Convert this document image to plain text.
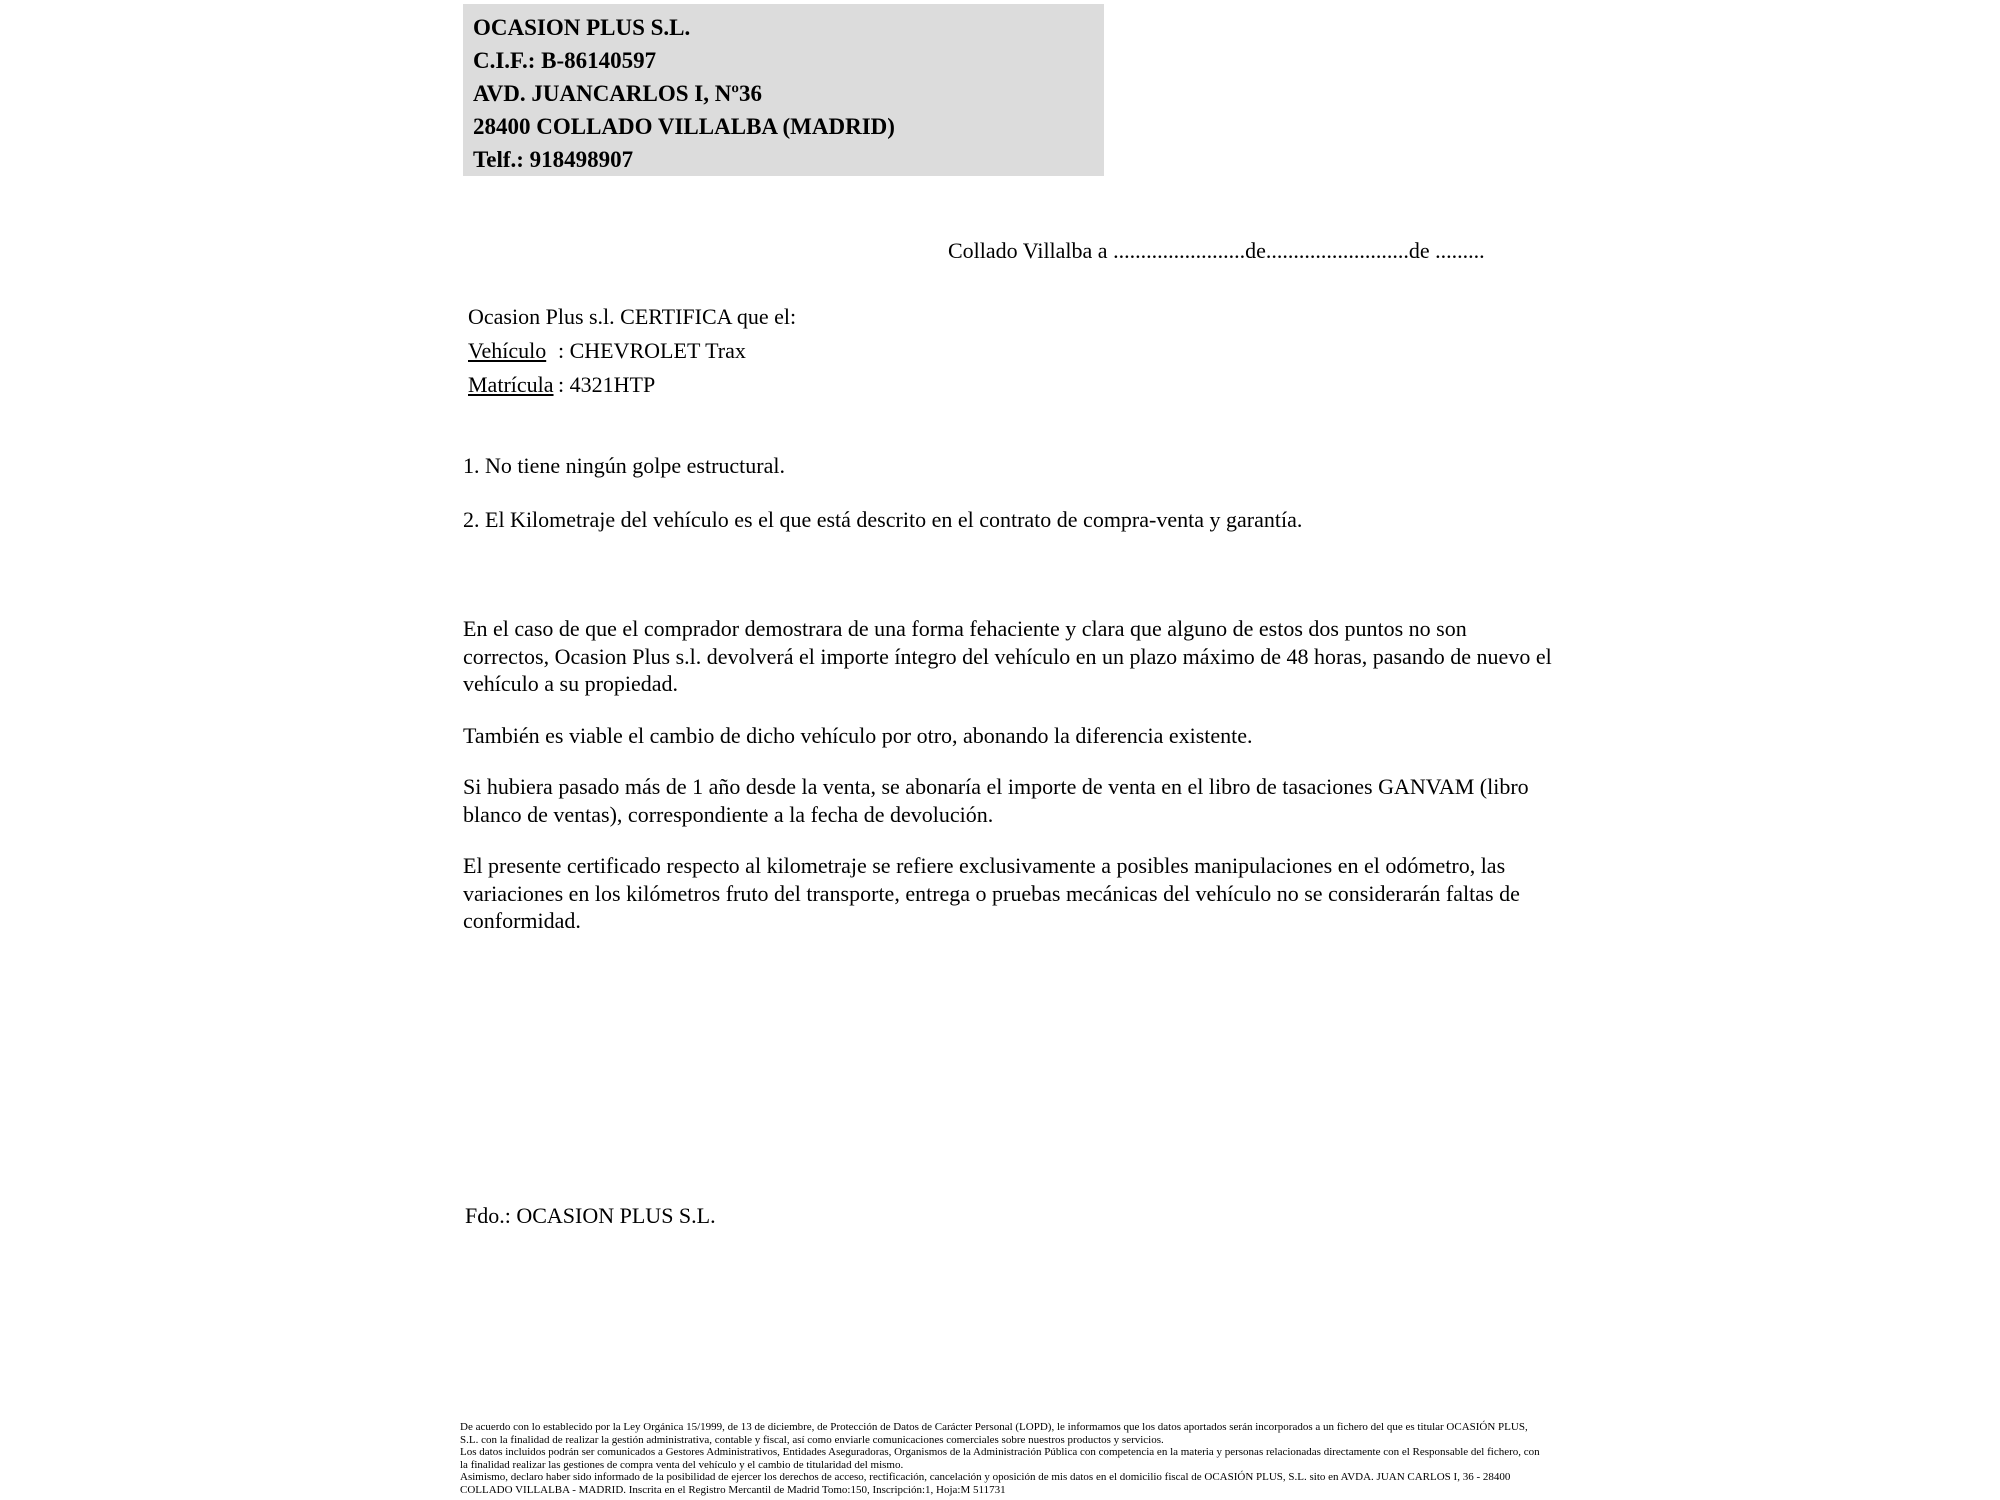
OCASION PLUS S.L.
C.I.F.: B-86140597
AVD. JUANCARLOS I, Nº36
28400 COLLADO VILLALBA (MADRID)
Telf.: 918498907
Collado Villalba a ........................de..........................de .........
Ocasion Plus s.l. CERTIFICA que el:
Vehículo : CHEVROLET Trax
Matrícula : 4321HTP

1. No tiene ningún golpe estructural.

2. El Kilometraje del vehículo es el que está descrito en el contrato de compra-venta y garantía.

En el caso de que el comprador demostrara de una forma fehaciente y clara que alguno de estos dos puntos no son correctos, Ocasion Plus s.l. devolverá el importe íntegro del vehículo en un plazo máximo de 48 horas, pasando de nuevo el vehículo a su propiedad.

También es viable el cambio de dicho vehículo por otro, abonando la diferencia existente.

Si hubiera pasado más de 1 año desde la venta, se abonaría el importe de venta en el libro de tasaciones GANVAM (libro blanco de ventas), correspondiente a la fecha de devolución.

El presente certificado respecto al kilometraje se refiere exclusivamente a posibles manipulaciones en el odómetro, las variaciones en los kilómetros fruto del transporte, entrega o pruebas mecánicas del vehículo no se considerarán faltas de conformidad.

Fdo.: OCASION PLUS S.L.

De acuerdo con lo establecido por la Ley Orgánica 15/1999, de 13 de diciembre, de Protección de Datos de Carácter Personal (LOPD), le informamos que los datos aportados serán incorporados a un fichero del que es titular OCASIÓN PLUS, S.L. con la finalidad de realizar la gestión administrativa, contable y fiscal, así como enviarle comunicaciones comerciales sobre nuestros productos y servicios.

Los datos incluidos podrán ser comunicados a Gestores Administrativos, Entidades Aseguradoras, Organismos de la Administración Pública con competencia en la materia y personas relacionadas directamente con el Responsable del fichero, con la finalidad realizar las gestiones de compra venta del vehículo y el cambio de titularidad del mismo.

Asimismo, declaro haber sido informado de la posibilidad de ejercer los derechos de acceso, rectificación, cancelación y oposición de mis datos en el domicilio fiscal de OCASIÓN PLUS, S.L. sito en AVDA. JUAN CARLOS I, 36 - 28400 COLLADO VILLALBA - MADRID. Inscrita en el Registro Mercantil de Madrid Tomo:150, Inscripción:1, Hoja:M 511731
